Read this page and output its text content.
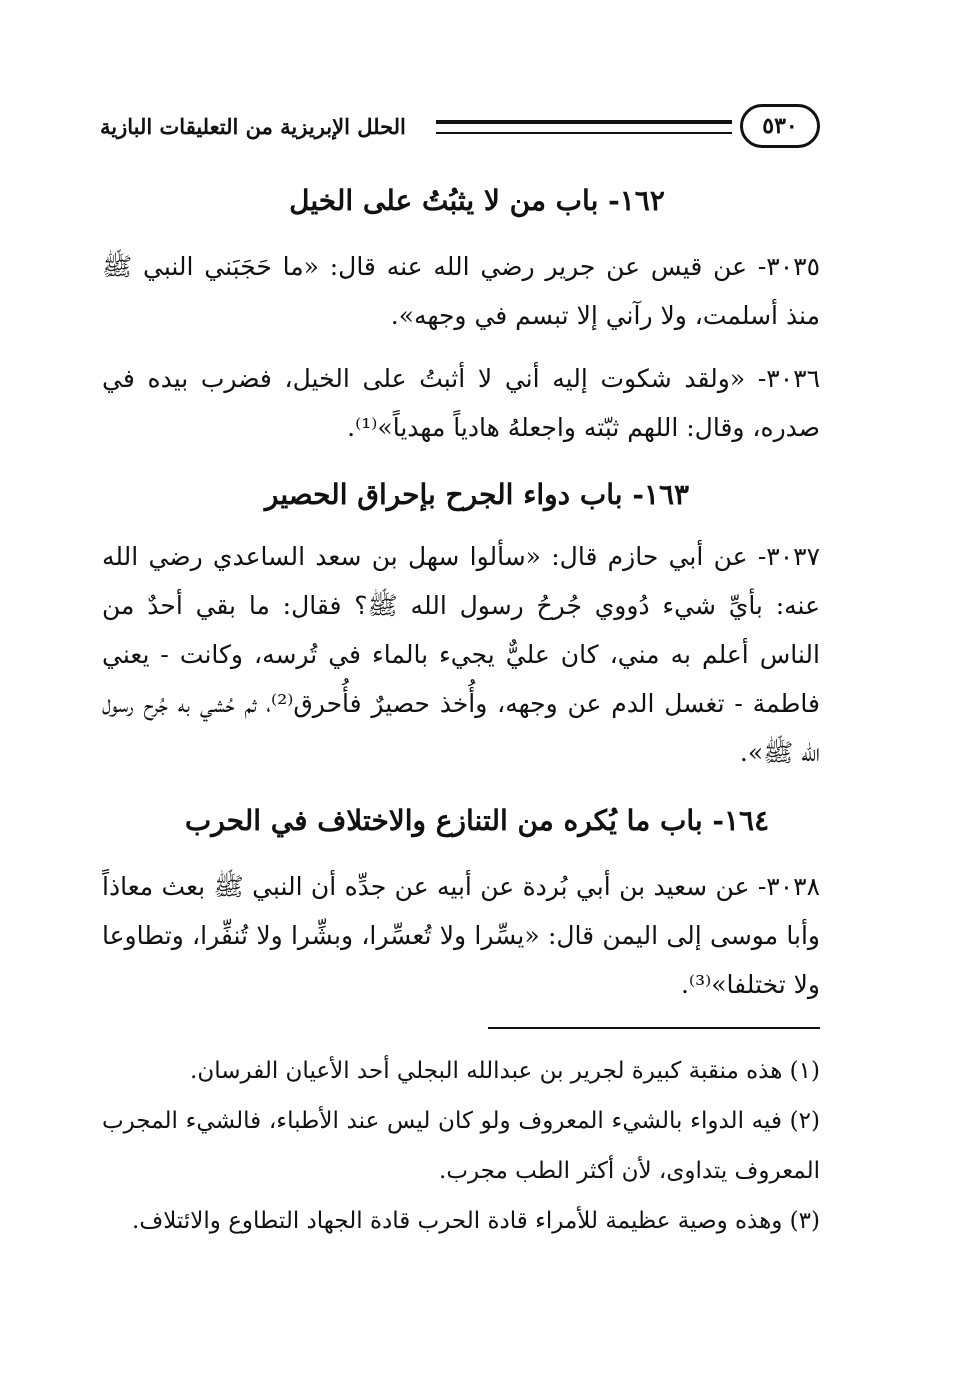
الحلل الإبريزية من التعليقات البازية	٥٣٠
١٦٢- باب من لا يثبُتُ على الخيل
٣٠٣٥- عن قيس عن جرير رضي الله عنه قال: «ما حَجَبَني النبي ﷺ منذ أسلمت، ولا رآني إلا تبسم في وجهه».
٣٠٣٦- «ولقد شكوت إليه أني لا أثبتُ على الخيل، فضرب بيده في صدره، وقال: اللهم ثبّته واجعلهُ هادياً مهدياً»⁽¹⁾.
١٦٣- باب دواء الجرح بإحراق الحصير
٣٠٣٧- عن أبي حازم قال: «سألوا سهل بن سعد الساعدي رضي الله عنه: بأيِّ شيء دُووي جُرحُ رسول الله ﷺ؟ فقال: ما بقي أحدٌ من الناس أعلم به مني، كان عليٌّ يجيء بالماء في تُرسه، وكانت - يعني فاطمة - تغسل الدم عن وجهه، وأُخذ حصيرٌ فأُحرق⁽²⁾، ثم حُشي به جُرح رسول الله ﷺ».
١٦٤- باب ما يُكره من التنازع والاختلاف في الحرب
٣٠٣٨- عن سعيد بن أبي بُردة عن أبيه عن جدِّه أن النبي ﷺ بعث معاذاً وأبا موسى إلى اليمن قال: «يسِّرا ولا تُعسِّرا، وبشِّرا ولا تُنفِّرا، وتطاوعا ولا تختلفا»⁽³⁾.
(١) هذه منقبة كبيرة لجرير بن عبدالله البجلي أحد الأعيان الفرسان.
(٢) فيه الدواء بالشيء المعروف ولو كان ليس عند الأطباء، فالشيء المجرب المعروف يتداوى، لأن أكثر الطب مجرب.
(٣) وهذه وصية عظيمة للأمراء قادة الحرب قادة الجهاد التطاوع والائتلاف.
